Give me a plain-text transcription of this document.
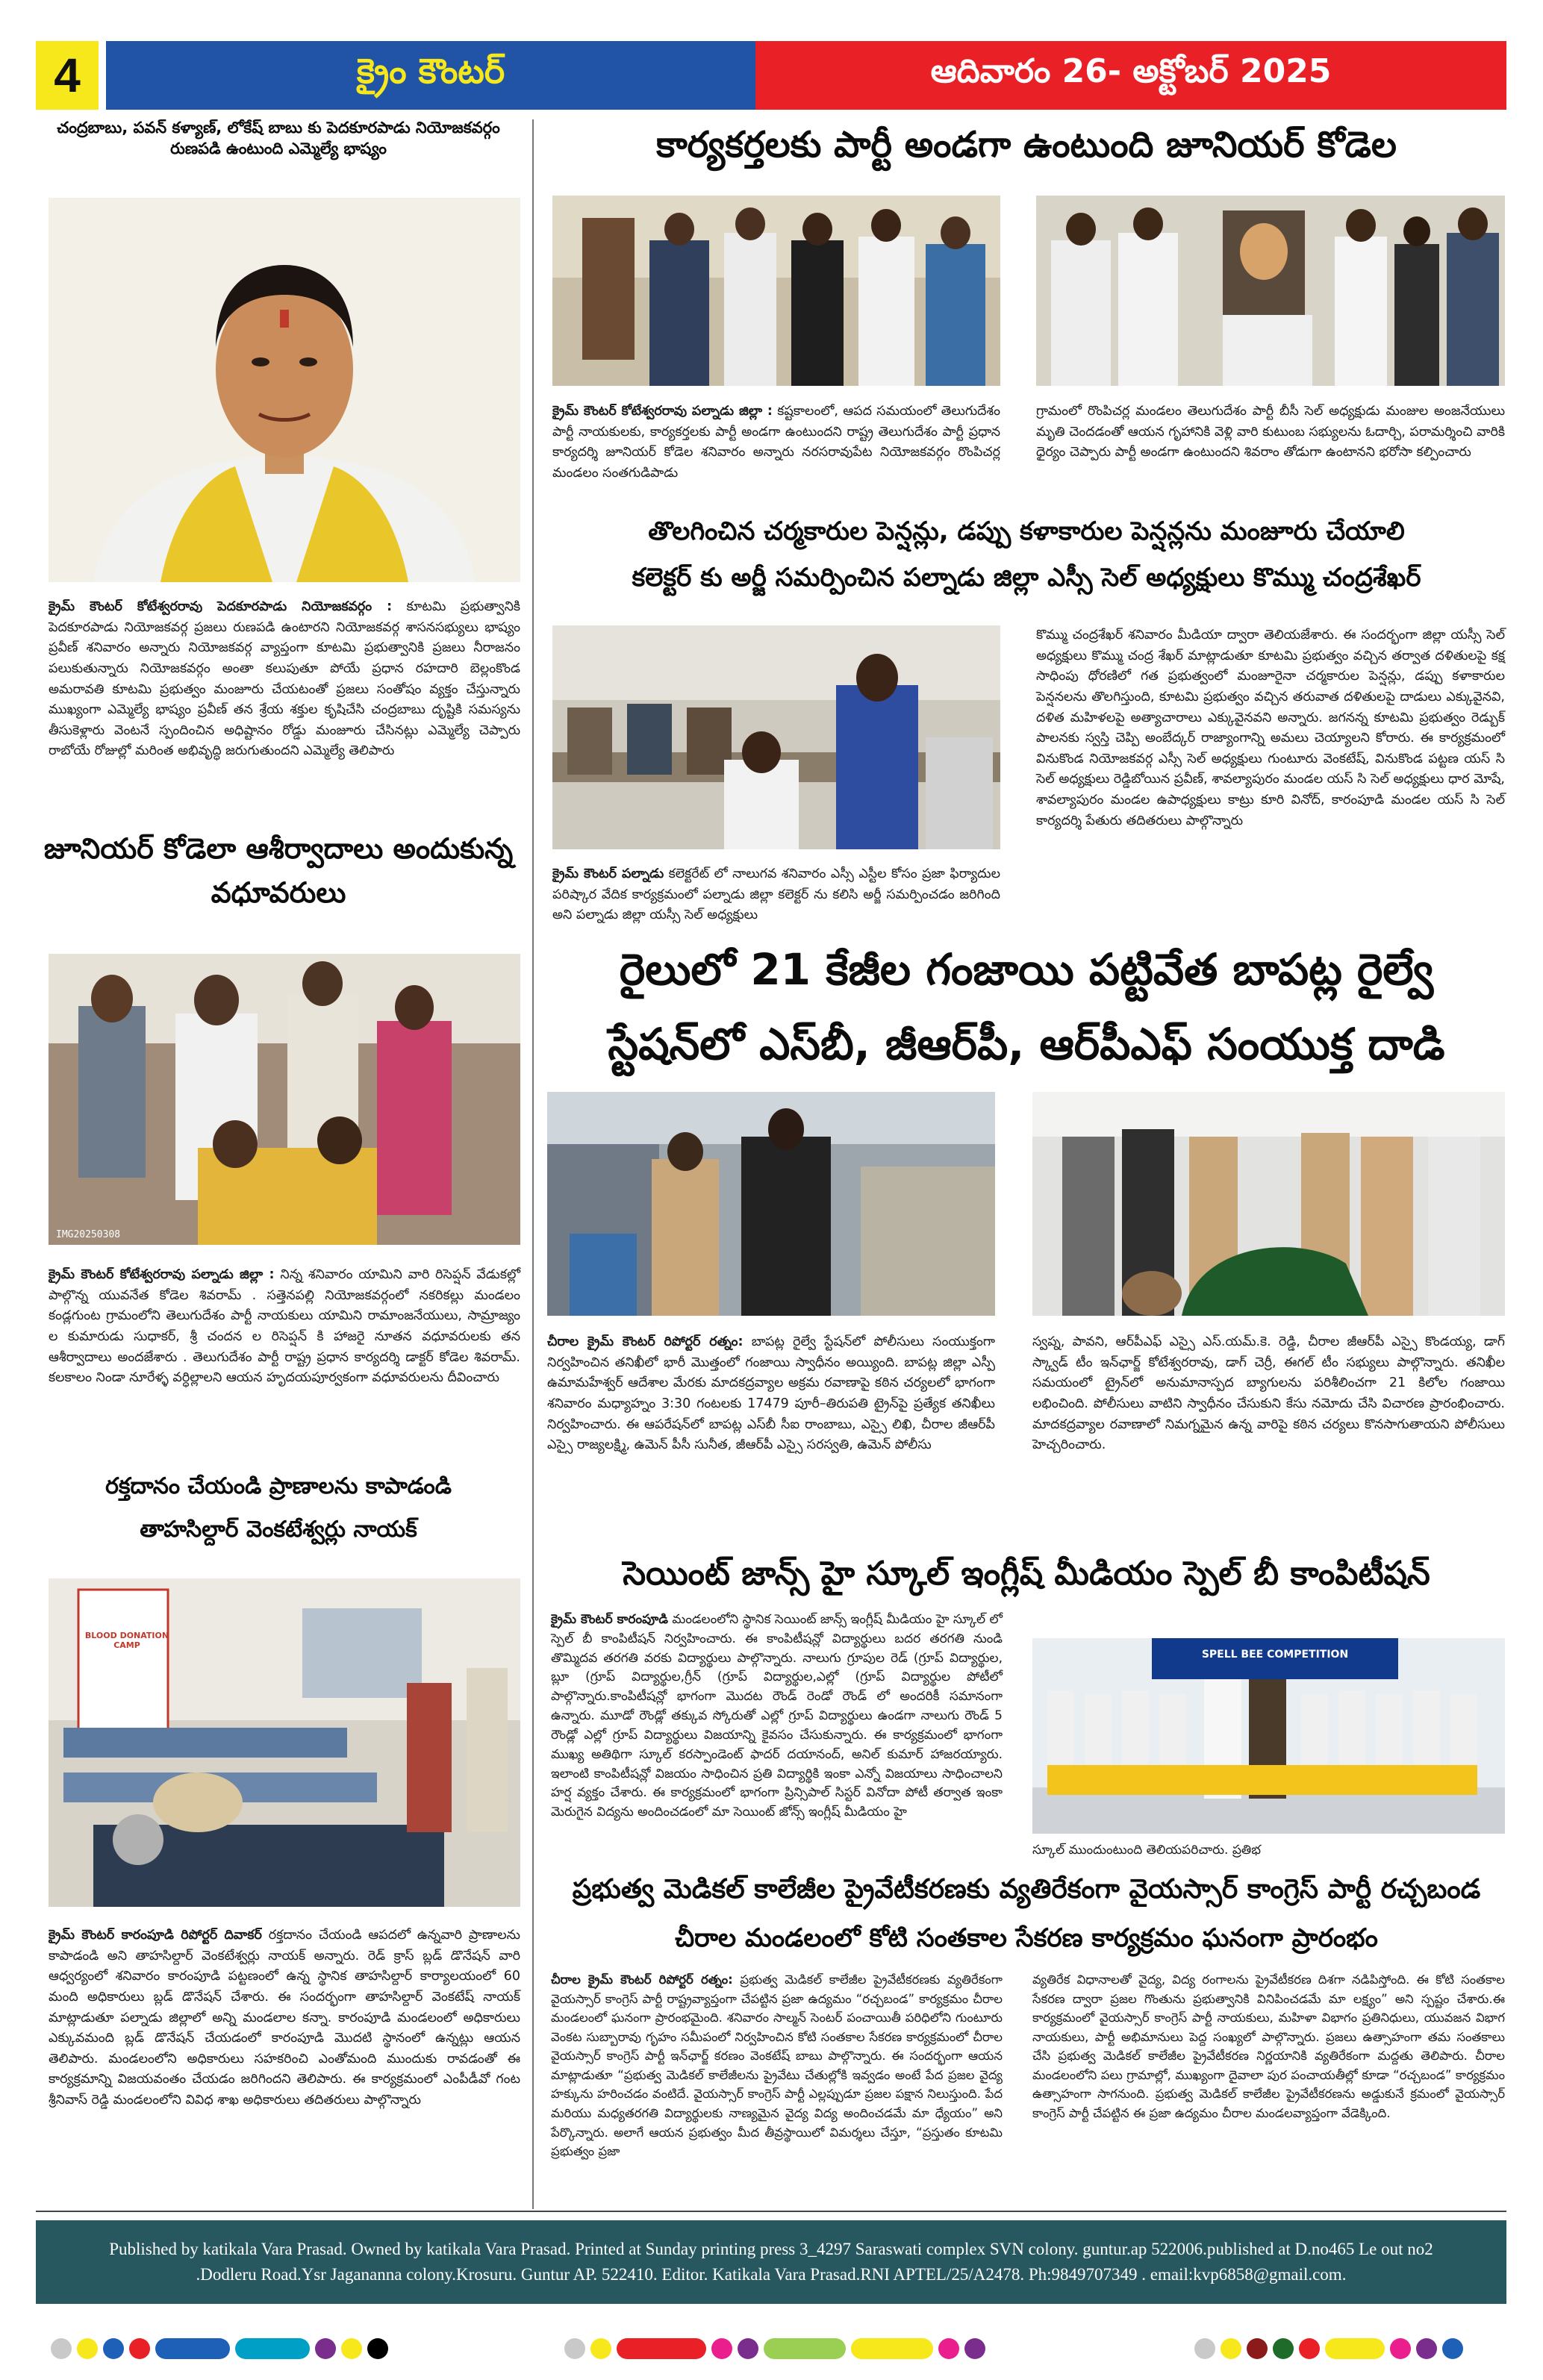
4	క్రైం కౌంటర్	ఆదివారం 26- అక్టోబర్ 2025
చంద్రబాబు, పవన్ కళ్యాణ్, లోకేష్ బాబు కు పెదకూరపాడు నియోజకవర్గం రుణపడి ఉంటుంది ఎమ్మెల్యే భాష్యం
క్రైమ్ కౌంటర్ కోటేశ్వరరావు పెదకూరపాడు నియోజకవర్గం : కూటమి ప్రభుత్వానికి పెదకూరపాడు నియోజకవర్గ ప్రజలు రుణపడి ఉంటారని నియోజకవర్గ శాసనసభ్యులు భాష్యం ప్రవీణ్ శనివారం అన్నారు నియోజకవర్గ వ్యాప్తంగా కూటమి ప్రభుత్వానికి ప్రజలు నీరాజనం పలుకుతున్నారు నియోజకవర్గం అంతా కలుపుతూ పోయే ప్రధాన రహదారి బెల్లంకొండ అమరావతి కూటమి ప్రభుత్వం మంజూరు చేయటంతో ప్రజలు సంతోషం వ్యక్తం చేస్తున్నారు ముఖ్యంగా ఎమ్మెల్యే భాష్యం ప్రవీణ్ తన శ్రేయ శక్తుల కృషిచేసి చంద్రబాబు దృష్టికి సమస్యను తీసుకెళ్లారు వెంటనే స్పందించిన అధిష్టానం రోడ్డు మంజూరు చేసినట్లు ఎమ్మెల్యే చెప్పారు రాబోయే రోజుల్లో మరింత అభివృద్ధి జరుగుతుందని ఎమ్మెల్యే తెలిపారు
జూనియర్ కోడెలా ఆశీర్వాదాలు అందుకున్న వధూవరులు
IMG20250308
క్రైమ్ కౌంటర్ కోటేశ్వరరావు పల్నాడు జిల్లా : నిన్న శనివారం యామిని వారి రిసెప్షన్ వేడుకల్లో పాల్గొన్న యువనేత కోడెల శివరామ్ . సత్తెనపల్లి నియోజకవర్గంలో నకరికల్లు మండలం కండ్లగుంట గ్రామంలోని తెలుగుదేశం పార్టీ నాయకులు యామిని రామాంజనేయులు, సామ్రాజ్యం ల కుమారుడు సుధాకర్, శ్రీ చందన ల రిసెప్షన్ కి హాజరై నూతన వధూవరులకు తన ఆశీర్వాదాలు అందజేశారు . తెలుగుదేశం పార్టీ రాష్ట్ర ప్రధాన కార్యదర్శి డాక్టర్ కోడెల శివరామ్. కలకాలం నిండా నూరేళ్ళ వర్ధిల్లాలని ఆయన హృదయపూర్వకంగా వధూవరులను దీవించారు
రక్తదానం చేయండి ప్రాణాలను కాపాడండి
తాహసిల్దార్ వెంకటేశ్వర్లు నాయక్
BLOOD DONATION CAMP
క్రైమ్ కౌంటర్ కారంపూడి రిపోర్టర్ దివాకర్ రక్తదానం చేయండి ఆపదలో ఉన్నవారి ప్రాణాలను కాపాడండి అని తాహసిల్దార్ వెంకటేశ్వర్లు నాయక్ అన్నారు. రెడ్ క్రాస్ బ్లడ్ డొనేషన్ వారి ఆధ్వర్యంలో శనివారం కారంపూడి పట్టణంలో ఉన్న స్థానిక తాహసిల్దార్ కార్యాలయంలో 60 మంది అధికారులు బ్లడ్ డొనేషన్ చేశారు. ఈ సందర్భంగా తాహసిల్దార్ వెంకటేష్ నాయక్ మాట్లాడుతూ పల్నాడు జిల్లాలో అన్ని మండలాల కన్నా. కారంపూడి మండలంలో అధికారులు ఎక్కువమంది బ్లడ్ డొనేషన్ చేయడంలో కారంపూడి మొదటి స్థానంలో ఉన్నట్లు ఆయన తెలిపారు. మండలంలోని అధికారులు సహకరించి ఎంతోమంది ముందుకు రావడంతో ఈ కార్యక్రమాన్ని విజయవంతం చేయడం జరిగిందని తెలిపారు. ఈ కార్యక్రమంలో ఎంపీడీవో గంట శ్రీనివాస్ రెడ్డి మండలంలోని వివిధ శాఖ అధికారులు తదితరులు పాల్గొన్నారు
కార్యకర్తలకు పార్టీ అండగా ఉంటుంది జూనియర్ కోడెల
క్రైమ్ కౌంటర్ కోటేశ్వరరావు పల్నాడు జిల్లా : కష్టకాలంలో, ఆపద సమయంలో తెలుగుదేశం పార్టీ నాయకులకు, కార్యకర్తలకు పార్టీ అండగా ఉంటుందని రాష్ట్ర తెలుగుదేశం పార్టీ ప్రధాన కార్యదర్శి జూనియర్ కోడెల శనివారం అన్నారు నరసరావుపేట నియోజకవర్గం రొంపిచర్ల మండలం సంతగుడిపాడు
గ్రామంలో రొంపిచర్ల మండలం తెలుగుదేశం పార్టీ బీసీ సెల్ అధ్యక్షుడు మంజుల అంజనేయులు మృతి చెందడంతో ఆయన గృహానికి వెళ్లి వారి కుటుంబ సభ్యులను ఓదార్చి, పరామర్శించి వారికి ధైర్యం చెప్పారు పార్టీ అండగా ఉంటుందని శివరాం తోడుగా ఉంటానని భరోసా కల్పించారు
తొలగించిన చర్మకారుల పెన్షన్లు, డప్పు కళాకారుల పెన్షన్లను మంజూరు చేయాలి
కలెక్టర్ కు అర్జీ సమర్పించిన పల్నాడు జిల్లా ఎస్సీ సెల్ అధ్యక్షులు కొమ్ము చంద్రశేఖర్
క్రైమ్ కౌంటర్ పల్నాడు కలెక్టరేట్ లో నాలుగవ శనివారం ఎస్సీ ఎస్టీల కోసం ప్రజా ఫిర్యాదుల పరిష్కార వేదిక కార్యక్రమంలో పల్నాడు జిల్లా కలెక్టర్ ను కలిసి అర్జీ సమర్పించడం జరిగింది అని పల్నాడు జిల్లా యస్సీ సెల్ అధ్యక్షులు
కొమ్ము చంద్రశేఖర్ శనివారం మీడియా ద్వారా తెలియజేశారు. ఈ సందర్భంగా జిల్లా యస్సీ సెల్ అధ్యక్షులు కొమ్ము చంద్ర శేఖర్ మాట్లాడుతూ కూటమి ప్రభుత్వం వచ్చిన తర్వాత దళితులపై కక్ష సాధింపు ధోరణిలో గత ప్రభుత్వంలో మంజూరైనా చర్మకారుల పెన్షన్లు, డప్పు కళాకారుల పెన్షనలను తొలగిస్తుంది, కూటమి ప్రభుత్వం వచ్చిన తరువాత దళితులపై దాడులు ఎక్కువైనవి, దళిత మహిళలపై అత్యాచారాలు ఎక్కువైనవని అన్నారు. జగనన్న కూటమి ప్రభుత్వం రెడ్బుక్ పాలనకు స్వస్తి చెప్పి అంబేద్కర్ రాజ్యాంగాన్ని అమలు చెయ్యాలని కోరారు. ఈ కార్యక్రమంలో వినుకొండ నియోజకవర్గ ఎస్సీ సెల్ అధ్యక్షులు గుంటూరు వెంకటేష్, వినుకొండ పట్టణ యస్ సి సెల్ అధ్యక్షులు రెడ్డిబోయిన ప్రవీణ్, శావల్యాపురం మండల యస్ సి సెల్ అధ్యక్షులు ధార మోషే, శావల్యాపురం మండల ఉపాధ్యక్షులు కాట్రు కూరి వినోద్, కారంపూడి మండల యస్ సి సెల్ కార్యదర్శి పేతురు తదితరులు పాల్గొన్నారు
రైలులో 21 కేజీల గంజాయి పట్టివేత బాపట్ల రైల్వే
స్టేషన్‌లో ఎస్‌బీ, జీఆర్‌పీ, ఆర్‌పీఎఫ్ సంయుక్త దాడి
చీరాల క్రైమ్ కౌంటర్ రిపోర్టర్ రత్నం: బాపట్ల రైల్వే స్టేషన్‌లో పోలీసులు సంయుక్తంగా నిర్వహించిన తనిఖీలో భారీ మొత్తంలో గంజాయి స్వాధీనం అయ్యింది. బాపట్ల జిల్లా ఎస్పీ ఉమామహేశ్వర్ ఆదేశాల మేరకు మాదకద్రవ్యాల అక్రమ రవాణాపై కఠిన చర్యలలో భాగంగా శనివారం మధ్యాహ్నం 3:30 గంటలకు 17479 పూరీ–తిరుపతి ట్రైన్‌పై ప్రత్యేక తనిఖీలు నిర్వహించారు. ఈ ఆపరేషన్‌లో బాపట్ల ఎస్‌బీ సీఐ రాంబాబు, ఎస్సై లిఖి, చీరాల జీఆర్‌పీ ఎస్సై రాజ్యలక్ష్మి, ఉమెన్ పీసీ సునీత, జీఆర్‌పీ ఎస్సై సరస్వతి, ఉమెన్ పోలీసు
స్వప్న, పావని, ఆర్‌పీఎఫ్ ఎస్సై ఎస్.యమ్.కె. రెడ్డి, చీరాల జీఆర్‌పీ ఎస్సై కొండయ్య, డాగ్ స్క్వాడ్ టీం ఇన్‌ఛార్జ్ కోటేశ్వరరావు, డాగ్ చెర్రీ, ఈగల్ టీం సభ్యులు పాల్గొన్నారు. తనిఖీల సమయంలో ట్రైన్‌లో అనుమానాస్పద బ్యాగులను పరిశీలించగా 21 కిలోల గంజాయి లభించింది. పోలీసులు వాటిని స్వాధీనం చేసుకుని కేసు నమోదు చేసి విచారణ ప్రారంభించారు. మాదకద్రవ్యాల రవాణాలో నిమగ్నమైన ఉన్న వారిపై కఠిన చర్యలు కొనసాగుతాయని పోలీసులు హెచ్చరించారు.
సెయింట్ జాన్స్ హై స్కూల్ ఇంగ్లీష్ మీడియం స్పెల్ బీ కాంపిటీషన్
క్రైమ్ కౌంటర్ కారంపూడి మండలంలోని స్థానిక సెయింట్ జాన్స్ ఇంగ్లీష్ మీడియం హై స్కూల్ లో స్పెల్ బీ కాంపిటీషన్ నిర్వహించారు. ఈ కాంపిటీషన్లో విద్యార్థులు బదర తరగతి నుండి తొమ్మిదవ తరగతి వరకు విద్యార్థులు పాల్గొన్నారు. నాలుగు గ్రూపుల రెడ్ (గ్రూప్ విద్యార్థుల, బ్లూ (గ్రూప్ విద్యార్థుల,గ్రీన్ (గ్రూప్ విద్యార్థుల,ఎల్లో (గ్రూప్ విద్యార్థుల పోటీలో పాల్గొన్నారు.కాంపిటీషన్లో భాగంగా మొదట రౌండ్ రెండో రౌండ్ లో అందరికీ సమానంగా ఉన్నారు. మూడో రౌండ్లో తక్కువ స్కోరుతో ఎల్లో గ్రూప్ విద్యార్థులు ఉండగా నాలుగు రౌండ్ 5 రౌండ్లో ఎల్లో గ్రూప్ విద్యార్థులు విజయాన్ని కైవసం చేసుకున్నారు. ఈ కార్యక్రమంలో భాగంగా ముఖ్య అతిథిగా స్కూల్ కరస్పాండెంట్ ఫాదర్ దయానంద్, అనిల్ కుమార్ హాజరయ్యారు. ఇలాంటి కాంపిటీషన్లో విజయం సాధించిన ప్రతి విద్యార్థికి ఇంకా ఎన్నో విజయాలు సాధించాలని హర్ష వ్యక్తం చేశారు. ఈ కార్యక్రమంలో భాగంగా ప్రిన్సిపాల్ సిస్టర్ వినోదా పోటీ తర్వాత ఇంకా మెరుగైన విద్యను అందించడంలో మా సెయింట్ జోన్స్ ఇంగ్లీష్ మీడియం హై
SPELL BEE COMPETITION
స్కూల్ ముందుంటుంది తెలియపరిచారు. ప్రతిభ
ప్రభుత్వ మెడికల్ కాలేజీల ప్రైవేటీకరణకు వ్యతిరేకంగా వైయస్సార్ కాంగ్రెస్ పార్టీ రచ్చబండ
చీరాల మండలంలో కోటి సంతకాల సేకరణ కార్యక్రమం ఘనంగా ప్రారంభం
చీరాల క్రైమ్ కౌంటర్ రిపోర్టర్ రత్నం: ప్రభుత్వ మెడికల్ కాలేజీల ప్రైవేటీకరణకు వ్యతిరేకంగా వైయస్సార్ కాంగ్రెస్ పార్టీ రాష్ట్రవ్యాప్తంగా చేపట్టిన ప్రజా ఉద్యమం “రచ్చబండ” కార్యక్రమం చీరాల మండలంలో ఘనంగా ప్రారంభమైంది. శనివారం సాల్మన్ సెంటర్ పంచాయితీ పరిధిలోని గుంటూరు వెంకట సుబ్బారావు గృహం సమీపంలో నిర్వహించిన కోటి సంతకాల సేకరణ కార్యక్రమంలో చీరాల వైయస్సార్ కాంగ్రెస్ పార్టీ ఇన్‌ఛార్జ్ కరణం వెంకటేష్ బాబు పాల్గొన్నారు. ఈ సందర్భంగా ఆయన మాట్లాడుతూ “ప్రభుత్వ మెడికల్ కాలేజీలను ప్రైవేటు చేతుల్లోకి ఇవ్వడం అంటే పేద ప్రజల వైద్య హక్కును హరించడం వంటిదే. వైయస్సార్ కాంగ్రెస్ పార్టీ ఎల్లప్పుడూ ప్రజల పక్షాన నిలుస్తుంది. పేద మరియు మధ్యతరగతి విద్యార్థులకు నాణ్యమైన వైద్య విద్య అందించడమే మా ధ్యేయం” అని పేర్కొన్నారు. అలాగే ఆయన ప్రభుత్వం మీద తీవ్రస్థాయిలో విమర్శలు చేస్తూ, “ప్రస్తుతం కూటమి ప్రభుత్వం ప్రజా
వ్యతిరేక విధానాలతో వైద్య, విద్య రంగాలను ప్రైవేటీకరణ దిశగా నడిపిస్తోంది. ఈ కోటి సంతకాల సేకరణ ద్వారా ప్రజల గొంతును ప్రభుత్వానికి వినిపించడమే మా లక్ష్యం” అని స్పష్టం చేశారు.ఈ కార్యక్రమంలో వైయస్సార్ కాంగ్రెస్ పార్టీ నాయకులు, మహిళా విభాగం ప్రతినిధులు, యువజన విభాగ నాయకులు, పార్టీ అభిమానులు పెద్ద సంఖ్యలో పాల్గొన్నారు. ప్రజలు ఉత్సాహంగా తమ సంతకాలు చేసి ప్రభుత్వ మెడికల్ కాలేజీల ప్రైవేటీకరణ నిర్ణయానికి వ్యతిరేకంగా మద్దతు తెలిపారు. చీరాల మండలంలోని పలు గ్రామాల్లో, ముఖ్యంగా దైవాలా పుర పంచాయతీల్లో కూడా “రచ్చబండ” కార్యక్రమం ఉత్సాహంగా సాగనుంది. ప్రభుత్వ మెడికల్ కాలేజీల ప్రైవేటీకరణను అడ్డుకునే క్రమంలో వైయస్సార్ కాంగ్రెస్ పార్టీ చేపట్టిన ఈ ప్రజా ఉద్యమం చీరాల మండలవ్యాప్తంగా వేడెక్కింది.
Published by katikala Vara Prasad. Owned by katikala Vara Prasad. Printed at Sunday printing press 3_4297 Saraswati complex SVN colony. guntur.ap 522006.published at D.no465 Le out no2
.Dodleru Road.Ysr Jagananna colony.Krosuru. Guntur AP. 522410. Editor. Katikala Vara Prasad.RNI APTEL/25/A2478. Ph:9849707349 . email:kvp6858@gmail.com.
